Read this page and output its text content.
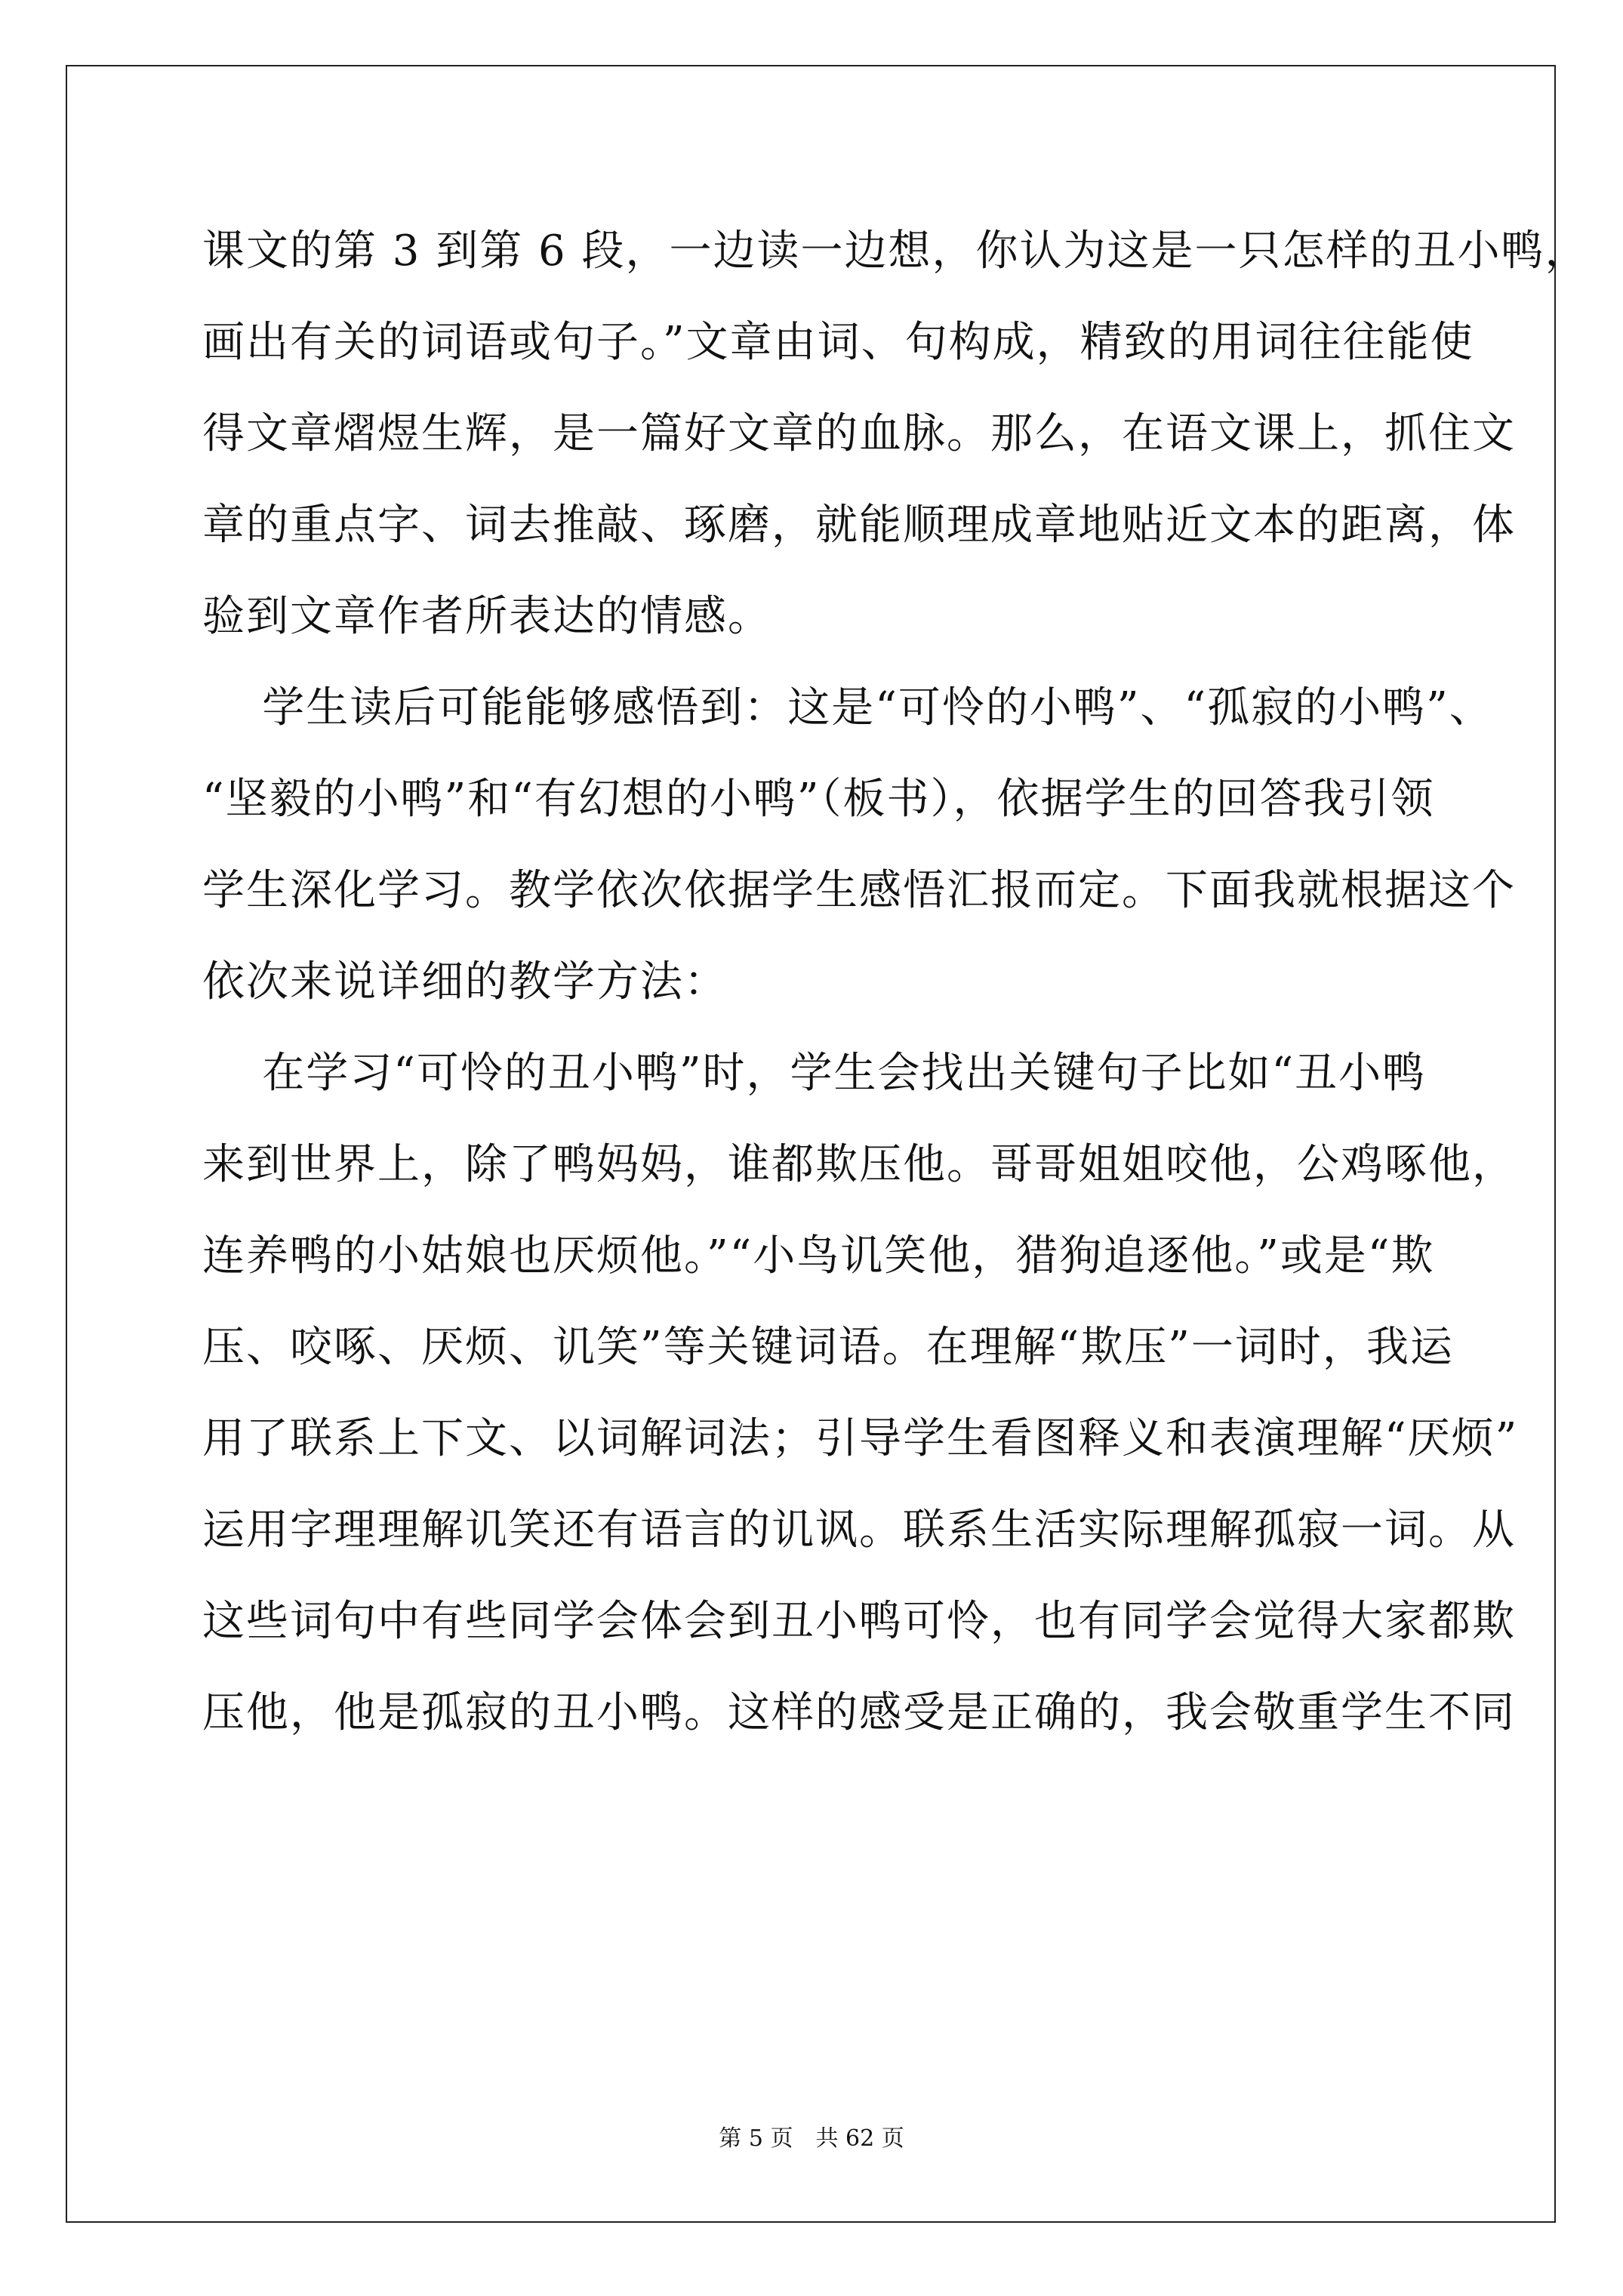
课文的第 3 到第 6 段，一边读一边想，你认为这是一只怎样的丑小鸭，

画出有关的词语或句子。”文章由词、句构成，精致的用词往往能使

得文章熠煜生辉，是一篇好文章的血脉。那么，在语文课上，抓住文

章的重点字、词去推敲、琢磨，就能顺理成章地贴近文本的距离，体

验到文章作者所表达的情感。

学生读后可能能够感悟到：这是“可怜的小鸭”、“孤寂的小鸭”、

“坚毅的小鸭”和“有幻想的小鸭”（板书），依据学生的回答我引领

学生深化学习。教学依次依据学生感悟汇报而定。下面我就根据这个

依次来说详细的教学方法：

在学习“可怜的丑小鸭”时，学生会找出关键句子比如“丑小鸭

来到世界上，除了鸭妈妈，谁都欺压他。哥哥姐姐咬他，公鸡啄他，

连养鸭的小姑娘也厌烦他。”“小鸟讥笑他，猎狗追逐他。”或是“欺

压、咬啄、厌烦、讥笑”等关键词语。在理解“欺压”一词时，我运

用了联系上下文、以词解词法；引导学生看图释义和表演理解“厌烦”

运用字理理解讥笑还有语言的讥讽。联系生活实际理解孤寂一词。从

这些词句中有些同学会体会到丑小鸭可怜，也有同学会觉得大家都欺

压他，他是孤寂的丑小鸭。这样的感受是正确的，我会敬重学生不同

第 5 页　共 62 页
